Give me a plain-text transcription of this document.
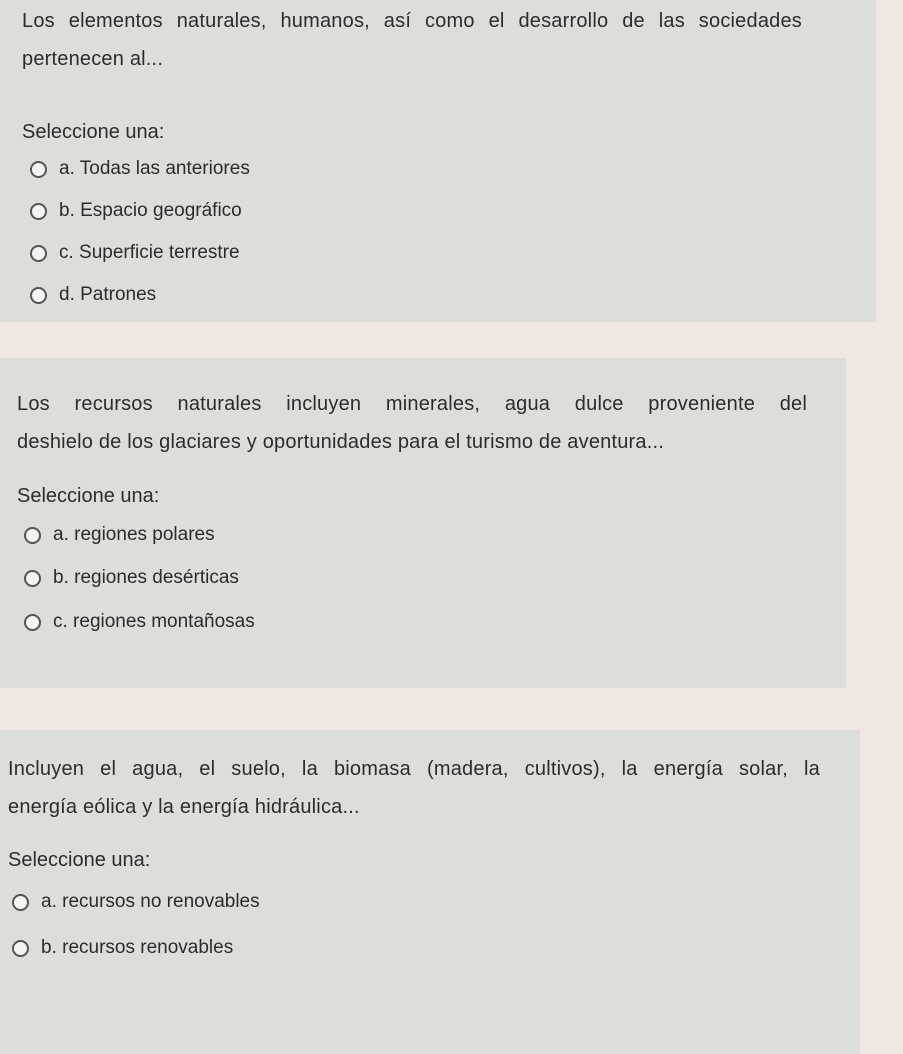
Los elementos naturales, humanos, así como el desarrollo de las sociedades
pertenecen al...
Seleccione una:
a. Todas las anteriores
b. Espacio geográfico
c. Superficie terrestre
d. Patrones
Los recursos naturales incluyen minerales, agua dulce proveniente del
deshielo de los glaciares y oportunidades para el turismo de aventura...
Seleccione una:
a. regiones polares
b. regiones desérticas
c. regiones montañosas
Incluyen el agua, el suelo, la biomasa (madera, cultivos), la energía solar, la
energía eólica y la energía hidráulica...
Seleccione una:
a. recursos no renovables
b. recursos renovables
